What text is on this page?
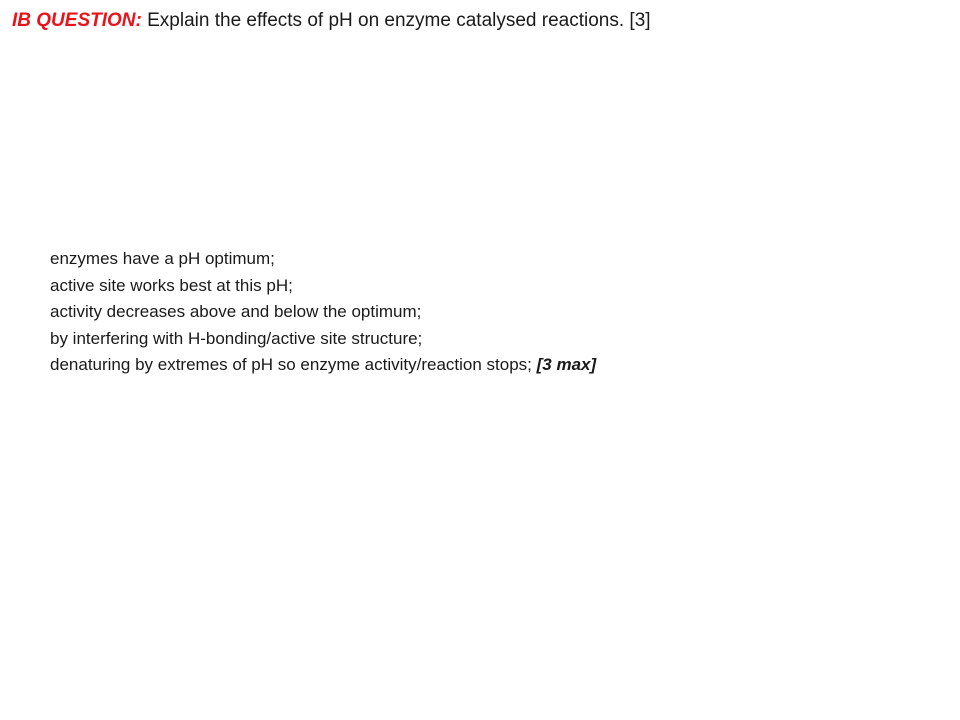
IB QUESTION: Explain the effects of pH on enzyme catalysed reactions. [3]
enzymes have a pH optimum;
active site works best at this pH;
activity decreases above and below the optimum;
by interfering with H-bonding/active site structure;
denaturing by extremes of pH so enzyme activity/reaction stops; [3 max]
